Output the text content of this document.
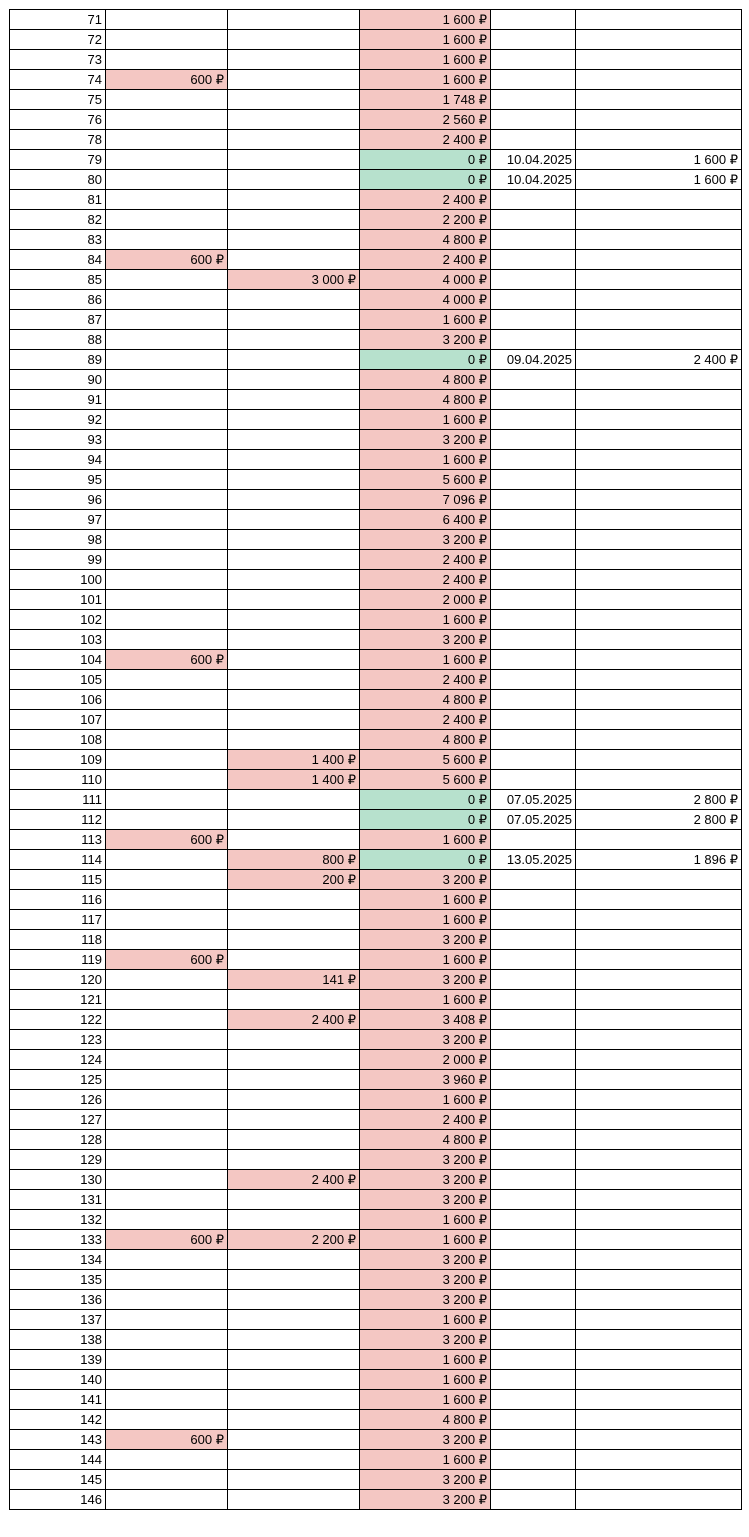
71			1 600 ₽		
72			1 600 ₽		
73			1 600 ₽		
74	600 ₽		1 600 ₽		
75			1 748 ₽		
76			2 560 ₽		
78			2 400 ₽		
79			0 ₽	10.04.2025	1 600 ₽
80			0 ₽	10.04.2025	1 600 ₽
81			2 400 ₽		
82			2 200 ₽		
83			4 800 ₽		
84	600 ₽		2 400 ₽		
85		3 000 ₽	4 000 ₽		
86			4 000 ₽		
87			1 600 ₽		
88			3 200 ₽		
89			0 ₽	09.04.2025	2 400 ₽
90			4 800 ₽		
91			4 800 ₽		
92			1 600 ₽		
93			3 200 ₽		
94			1 600 ₽		
95			5 600 ₽		
96			7 096 ₽		
97			6 400 ₽		
98			3 200 ₽		
99			2 400 ₽		
100			2 400 ₽		
101			2 000 ₽		
102			1 600 ₽		
103			3 200 ₽		
104	600 ₽		1 600 ₽		
105			2 400 ₽		
106			4 800 ₽		
107			2 400 ₽		
108			4 800 ₽		
109		1 400 ₽	5 600 ₽		
110		1 400 ₽	5 600 ₽		
111			0 ₽	07.05.2025	2 800 ₽
112			0 ₽	07.05.2025	2 800 ₽
113	600 ₽		1 600 ₽		
114		800 ₽	0 ₽	13.05.2025	1 896 ₽
115		200 ₽	3 200 ₽		
116			1 600 ₽		
117			1 600 ₽		
118			3 200 ₽		
119	600 ₽		1 600 ₽		
120		141 ₽	3 200 ₽		
121			1 600 ₽		
122		2 400 ₽	3 408 ₽		
123			3 200 ₽		
124			2 000 ₽		
125			3 960 ₽		
126			1 600 ₽		
127			2 400 ₽		
128			4 800 ₽		
129			3 200 ₽		
130		2 400 ₽	3 200 ₽		
131			3 200 ₽		
132			1 600 ₽		
133	600 ₽	2 200 ₽	1 600 ₽		
134			3 200 ₽		
135			3 200 ₽		
136			3 200 ₽		
137			1 600 ₽		
138			3 200 ₽		
139			1 600 ₽		
140			1 600 ₽		
141			1 600 ₽		
142			4 800 ₽		
143	600 ₽		3 200 ₽		
144			1 600 ₽		
145			3 200 ₽		
146			3 200 ₽		
